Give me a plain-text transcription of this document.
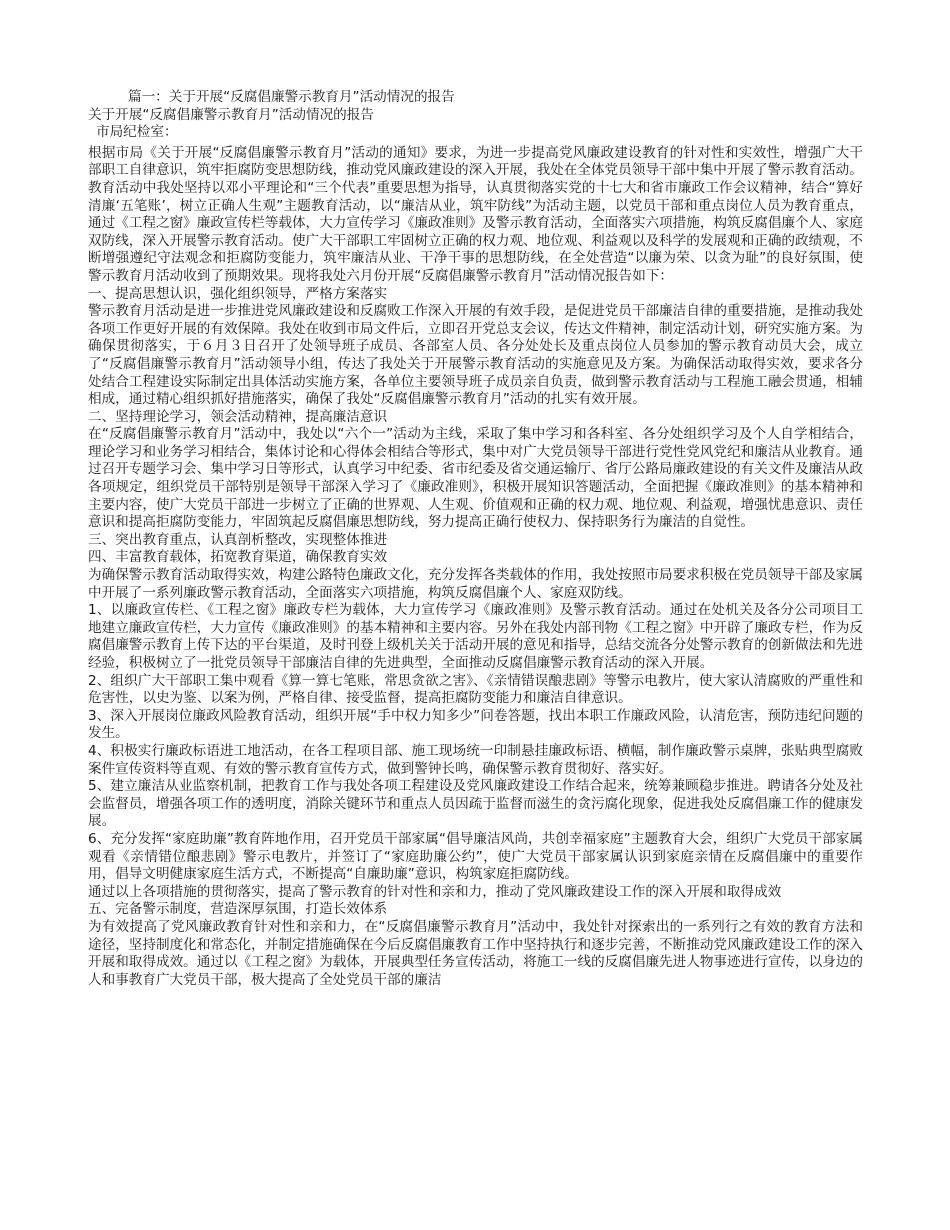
篇一：关于开展“反腐倡廉警示教育月”活动情况的报告

关于开展“反腐倡廉警示教育月”活动情况的报告

市局纪检室：

根据市局《关于开展“反腐倡廉警示教育月”活动的通知》要求，为进一步提高党风廉政建设教育的针对性和实效性，增强广大干部职工自律意识，筑牢拒腐防变思想防线，推动党风廉政建设的深入开展，我处在全体党员领导干部中集中开展了警示教育活动。

教育活动中我处坚持以邓小平理论和“三个代表”重要思想为指导，认真贯彻落实党的十七大和省市廉政工作会议精神，结合“算好清廉‘五笔账’，树立正确人生观”主题教育活动，以“廉洁从业，筑牢防线”为活动主题，以党员干部和重点岗位人员为教育重点，通过《工程之窗》廉政宣传栏等载体，大力宣传学习《廉政准则》及警示教育活动，全面落实六项措施，构筑反腐倡廉个人、家庭双防线，深入开展警示教育活动。使广大干部职工牢固树立正确的权力观、地位观、利益观以及科学的发展观和正确的政绩观，不断增强遵纪守法观念和拒腐防变能力，筑牢廉洁从业、干净干事的思想防线，在全处营造“以廉为荣、以贪为耻”的良好氛围，使警示教育月活动收到了预期效果。现将我处六月份开展“反腐倡廉警示教育月”活动情况报告如下：

一、提高思想认识，强化组织领导，严格方案落实

警示教育月活动是进一步推进党风廉政建设和反腐败工作深入开展的有效手段，是促进党员干部廉洁自律的重要措施，是推动我处各项工作更好开展的有效保障。我处在收到市局文件后，立即召开党总支会议，传达文件精神，制定活动计划，研究实施方案。为确保贯彻落实，于６月３日召开了处领导班子成员、各部室人员、各分处处长及重点岗位人员参加的警示教育动员大会，成立了“反腐倡廉警示教育月”活动领导小组，传达了我处关于开展警示教育活动的实施意见及方案。为确保活动取得实效，要求各分处结合工程建设实际制定出具体活动实施方案，各单位主要领导班子成员亲自负责，做到警示教育活动与工程施工融会贯通，相辅相成，通过精心组织抓好措施落实，确保了我处“反腐倡廉警示教育月”活动的扎实有效开展。

二、坚持理论学习，领会活动精神，提高廉洁意识

在“反腐倡廉警示教育月”活动中，我处以“六个一”活动为主线，采取了集中学习和各科室、各分处组织学习及个人自学相结合，理论学习和业务学习相结合，集体讨论和心得体会相结合等形式，集中对广大党员领导干部进行党性党风党纪和廉洁从业教育。通过召开专题学习会、集中学习日等形式，认真学习中纪委、省市纪委及省交通运输厅、省厅公路局廉政建设的有关文件及廉洁从政各项规定，组织党员干部特别是领导干部深入学习了《廉政准则》，积极开展知识答题活动，全面把握《廉政准则》的基本精神和主要内容，使广大党员干部进一步树立了正确的世界观、人生观、价值观和正确的权力观、地位观、利益观，增强忧患意识、责任意识和提高拒腐防变能力，牢固筑起反腐倡廉思想防线，努力提高正确行使权力、保持职务行为廉洁的自觉性。

三、突出教育重点，认真剖析整改，实现整体推进

四、丰富教育载体，拓宽教育渠道，确保教育实效

为确保警示教育活动取得实效，构建公路特色廉政文化，充分发挥各类载体的作用，我处按照市局要求积极在党员领导干部及家属中开展了一系列廉政警示教育活动，全面落实六项措施，构筑反腐倡廉个人、家庭双防线。

1、以廉政宣传栏、《工程之窗》廉政专栏为载体，大力宣传学习《廉政准则》及警示教育活动。通过在处机关及各分公司项目工地建立廉政宣传栏，大力宣传《廉政准则》的基本精神和主要内容。另外在我处内部刊物《工程之窗》中开辟了廉政专栏，作为反腐倡廉警示教育上传下达的平台渠道，及时刊登上级机关关于活动开展的意见和指导，总结交流各分处警示教育的创新做法和先进经验，积极树立了一批党员领导干部廉洁自律的先进典型，全面推动反腐倡廉警示教育活动的深入开展。

2、组织广大干部职工集中观看《算一算七笔账，常思贪欲之害》、《亲情错误酿悲剧》等警示电教片，使大家认清腐败的严重性和危害性，以史为鉴、以案为例，严格自律、接受监督，提高拒腐防变能力和廉洁自律意识。

3、深入开展岗位廉政风险教育活动，组织开展“手中权力知多少”问卷答题，找出本职工作廉政风险，认清危害，预防违纪问题的发生。

4、积极实行廉政标语进工地活动，在各工程项目部、施工现场统一印制悬挂廉政标语、横幅，制作廉政警示桌牌，张贴典型腐败案件宣传资料等直观、有效的警示教育宣传方式，做到警钟长鸣，确保警示教育贯彻好、落实好。

5、建立廉洁从业监察机制，把教育工作与我处各项工程建设及党风廉政建设工作结合起来，统筹兼顾稳步推进。聘请各分处及社会监督员，增强各项工作的透明度，消除关键环节和重点人员因疏于监督而滋生的贪污腐化现象，促进我处反腐倡廉工作的健康发展。

6、充分发挥“家庭助廉”教育阵地作用，召开党员干部家属“倡导廉洁风尚，共创幸福家庭”主题教育大会，组织广大党员干部家属观看《亲情错位酿悲剧》警示电教片，并签订了“家庭助廉公约”，使广大党员干部家属认识到家庭亲情在反腐倡廉中的重要作用，倡导文明健康家庭生活方式，不断提高“自廉助廉”意识，构筑家庭拒腐防线。

通过以上各项措施的贯彻落实，提高了警示教育的针对性和亲和力，推动了党风廉政建设工作的深入开展和取得成效

五、完备警示制度，营造深厚氛围，打造长效体系

为有效提高了党风廉政教育针对性和亲和力，在“反腐倡廉警示教育月”活动中，我处针对探索出的一系列行之有效的教育方法和途径，坚持制度化和常态化，并制定措施确保在今后反腐倡廉教育工作中坚持执行和逐步完善，不断推动党风廉政建设工作的深入开展和取得成效。通过以《工程之窗》为载体，开展典型任务宣传活动，将施工一线的反腐倡廉先进人物事迹进行宣传，以身边的人和事教育广大党员干部，极大提高了全处党员干部的廉洁
